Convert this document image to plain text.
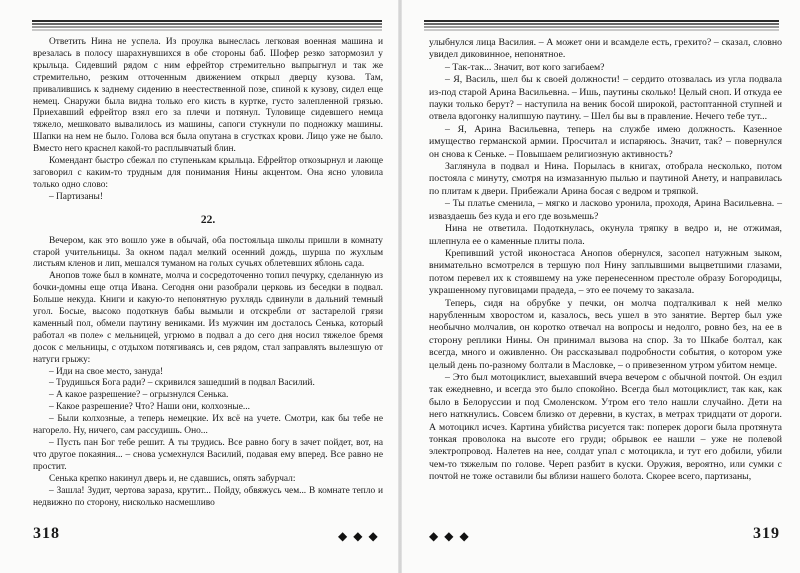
Ответить Нина не успела. Из проулка вынеслась легковая военная машина и врезалась в полосу шарахнувшихся в обе стороны баб. Шофер резко затормозил у крыльца. Сидевший рядом с ним ефрейтор стремительно выпрыгнул и так же стремительно, резким отточенным движением открыл дверцу кузова. Там, привалившись к заднему сидению в неестественной позе, спиной к кузову, сидел еще немец. Снаружи была видна только его кисть в куртке, густо залепленной грязью. Приехавший ефрейтор взял его за плечи и потянул. Туловище сидевшего немца тяжело, мешковато вывалилось из машины, сапоги стукнули по подножку машины. Шапки на нем не было. Голова вся была опутана в сгустках крови. Лицо уже не было. Вместо него краснел какой-то расплывчатый блин.

Комендант быстро сбежал по ступенькам крыльца. Ефрейтор откозырнул и лающе заговорил с каким-то трудным для понимания Нины акцентом. Она ясно уловила только одно слово:

– Партизаны!

22.

Вечером, как это вошло уже в обычай, оба постояльца школы пришли в комнату старой учительницы. За окном падал мелкий осенний дождь, шурша по жухлым листьям кленов и лип, мешался туманом на голых сучьях облетевших яблонь сада.

Анопов тоже был в комнате, молча и сосредоточенно топил печурку, сделанную из бочки-домны еще отца Ивана. Сегодня они разобрали церковь из беседки в подвал. Больше некуда. Книги и какую-то непонятную рухлядь сдвинули в дальний темный угол. Босые, высоко подоткнув бабы вымыли и отскребли от застарелой грязи каменный пол, обмели паутину вениками. Из мужчин им досталось Сенька, который работал «в поле» с мельницей, угрюмо в подвал а до сего дня носил тяжелое бремя досок с мельницы, с отдыхом потягиваясь и, сев рядом, стал заправлять вылезшую от натуги грыжу:

– Иди на свое место, зануда!

– Трудишься Бога ради? – скривился зашедший в подвал Василий.

– А какое разрешение? – огрызнулся Сенька.

– Какое разрешение? Что? Наши они, колхозные...

– Были колхозные, а теперь немецкие. Их всё на учете. Смотри, как бы тебе не нагорело. Ну, ничего, сам рассудишь. Оно...

– Пусть пан Бог тебе решит. А ты трудись. Все равно богу в зачет пойдет, вот, на что другое покаяния... – снова усмехнулся Василий, подавая ему вперед. Все равно не простит.

Сенька крепко накинул дверь и, не сдавшись, опять забурчал:

– Зашла! Зудит, чертова зараза, крутит... Пойду, обвяжусь чем... В комнате тепло и недвижно по сторону, нисколько насмешливо

318	◆◆◆

улыбнулся лица Василия. – А может они и всамделе есть, грехито? – сказал, словно увидел диковинное, непонятное.

– Так-так... Значит, вот кого загибаем?

– Я, Василь, шел бы к своей должности! – сердито отозвалась из угла подвала из-под старой Арина Васильевна. – Ишь, паутины сколько! Целый сноп. И откуда ее пауки только берут? – наступила на веник босой широкой, растоптанной ступней и отвела вдогонку налипшую паутину. – Шел бы вы в правление. Нечего тебе тут...

– Я, Арина Васильевна, теперь на службе имею должность. Казенное имущество германской армии. Просчитал и испаряюсь. Значит, так? – повернулся он снова к Сеньке. – Повышаем религиозную активность?

Заглянула в подвал и Нина. Порылась в книгах, отобрала несколько, потом постояла с минуту, смотря на измазанную пылью и паутиной Анету, и направилась по плитам к двери. Прибежали Арина босая с ведром и тряпкой.

– Ты платье сменила, – мягко и ласково уронила, проходя, Арина Васильевна. – изваздаешь без куда и его где возьмешь?

Нина не ответила. Подоткнулась, окунула тряпку в ведро и, не отжимая, шлепнула ее о каменные плиты пола.

Крепивший устой иконостаса Анопов обернулся, засопел натужным зыком, внимательно всмотрелся в тершую пол Нину заплывшими выцветшими глазами, потом перевел их к стоявшему на уже перенесенном престоле образу Богородицы, украшенному пуговицами прадеда, – это ее почему то заказала.

Теперь, сидя на обрубке у печки, он молча подталкивал к ней мелко нарубленным хворостом и, казалось, весь ушел в это занятие. Вертер был уже необычно молчалив, он коротко отвечал на вопросы и недолго, ровно без, на ее в сторону реплики Нины. Он принимал вызова на спор. За то Шкабе болтал, как всегда, много и оживленно. Он рассказывал подробности события, о котором уже целый день по-разному болтали в Масловке, – о привезенном утром убитом немце.

– Это был мотоциклист, выехавший вчера вечером с обычной почтой. Он ездил так ежедневно, и всегда это было спокойно. Всегда был мотоциклист, так как, как было в Белоруссии и под Смоленском. Утром его тело нашли случайно. Дети на него наткнулись. Совсем близко от деревни, в кустах, в метрах тридцати от дороги. А мотоцикл исчез. Картина убийства рисуется так: поперек дороги была протянута тонкая проволока на высоте его груди; обрывок ее нашли – уже не полевой электропровод. Налетев на нее, солдат упал с мотоцикла, и тут его добили, убили чем-то тяжелым по голове. Череп разбит в куски. Оружия, вероятно, или сумки с почтой не тоже оставили бы вблизи нашего болота. Скорее всего, партизаны,

◆◆◆	319
